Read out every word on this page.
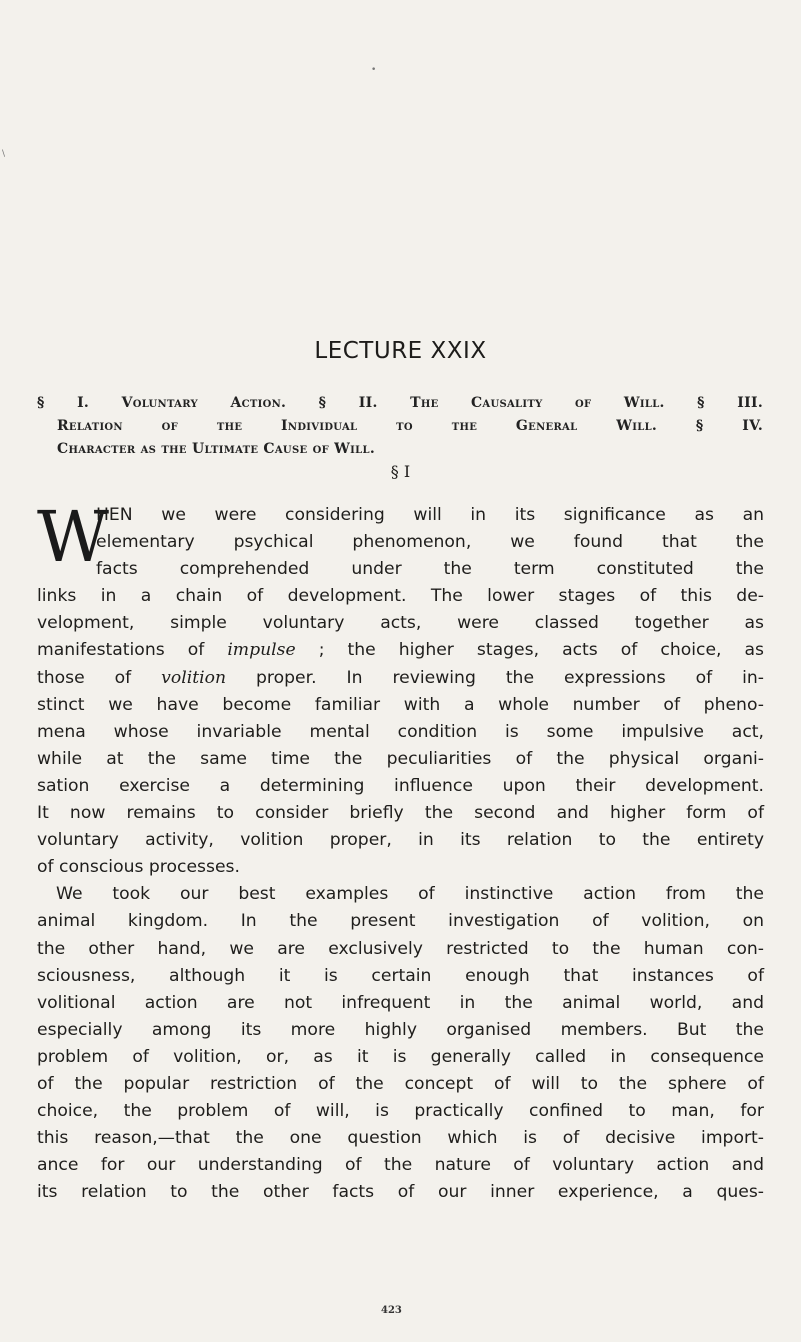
•
\
LECTURE XXIX
§ I. Voluntary Action. § II. The Causality of Will. § III.
Relation of the Individual to the General Will. § IV.
Character as the Ultimate Cause of Will.
§ I
W
HEN we were considering will in its significance as an
elementary psychical phenomenon, we found that the
facts comprehended under the term constituted the
links in a chain of development. The lower stages of this de-
velopment, simple voluntary acts, were classed together as
manifestations of impulse ; the higher stages, acts of choice, as
those of volition proper. In reviewing the expressions of in-
stinct we have become familiar with a whole number of pheno-
mena whose invariable mental condition is some impulsive act,
while at the same time the peculiarities of the physical organi-
sation exercise a determining influence upon their development.
It now remains to consider briefly the second and higher form of
voluntary activity, volition proper, in its relation to the entirety
of conscious processes.
We took our best examples of instinctive action from the
animal kingdom. In the present investigation of volition, on
the other hand, we are exclusively restricted to the human con-
sciousness, although it is certain enough that instances of
volitional action are not infrequent in the animal world, and
especially among its more highly organised members. But the
problem of volition, or, as it is generally called in consequence
of the popular restriction of the concept of will to the sphere of
choice, the problem of will, is practically confined to man, for
this reason,—that the one question which is of decisive import-
ance for our understanding of the nature of voluntary action and
its relation to the other facts of our inner experience, a ques-
423
